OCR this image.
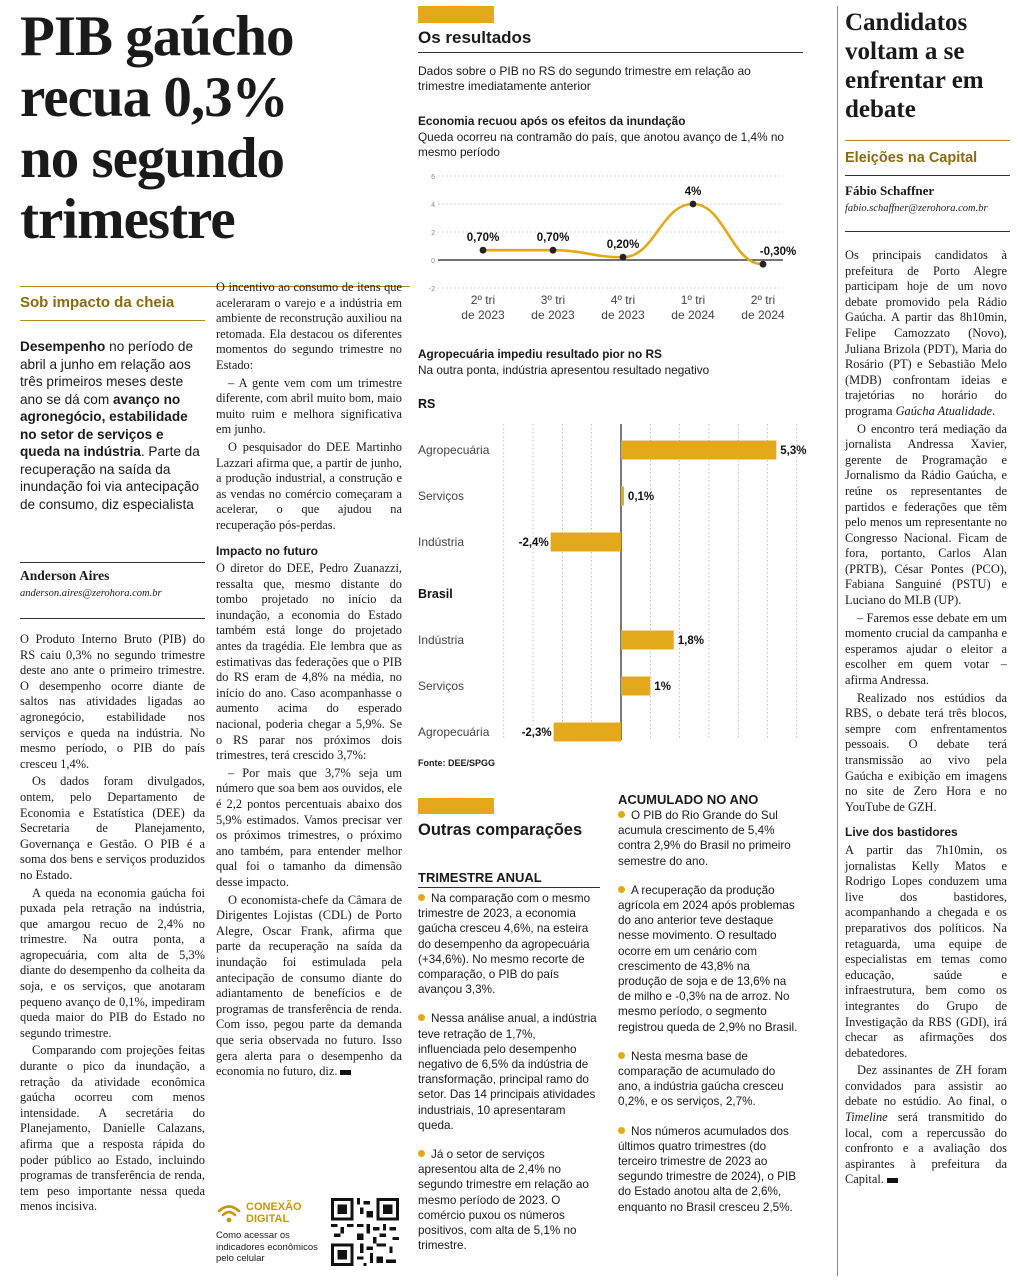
PIB gaúcho recua 0,3% no segundo trimestre
Sob impacto da cheia
Desempenho no período de abril a junho em relação aos três primeiros meses deste ano se dá com avanço no agronegócio, estabilidade no setor de serviços e queda na indústria. Parte da recuperação na saída da inundação foi via antecipação de consumo, diz especialista
Anderson Aires
anderson.aires@zerohora.com.br

O Produto Interno Bruto (PIB) do RS caiu 0,3% no segundo trimestre deste ano ante o primeiro trimestre. O desempenho ocorre diante de saltos nas atividades ligadas ao agronegócio, estabilidade nos serviços e queda na indústria. No mesmo período, o PIB do país cresceu 1,4%.

Os dados foram divulgados, ontem, pelo Departamento de Economia e Estatística (DEE) da Secretaria de Planejamento, Governança e Gestão. O PIB é a soma dos bens e serviços produzidos no Estado.

A queda na economia gaúcha foi puxada pela retração na indústria, que amargou recuo de 2,4% no trimestre. Na outra ponta, a agropecuária, com alta de 5,3% diante do desempenho da colheita da soja, e os serviços, que anotaram pequeno avanço de 0,1%, impediram queda maior do PIB do Estado no segundo trimestre.

Comparando com projeções feitas durante o pico da inundação, a retração da atividade econômica gaúcha ocorreu com menos intensidade. A secretária do Planejamento, Danielle Calazans, afirma que a resposta rápida do poder público ao Estado, incluindo programas de transferência de renda, tem peso importante nessa queda menos incisiva.

O incentivo ao consumo de itens que aceleraram o varejo e a indústria em ambiente de reconstrução auxiliou na retomada. Ela destacou os diferentes momentos do segundo trimestre no Estado:

– A gente vem com um trimestre diferente, com abril muito bom, maio muito ruim e melhora significativa em junho.

O pesquisador do DEE Martinho Lazzari afirma que, a partir de junho, a produção industrial, a construção e as vendas no comércio começaram a acelerar, o que ajudou na recuperação pós-perdas.

Impacto no futuro

O diretor do DEE, Pedro Zuanazzi, ressalta que, mesmo distante do tombo projetado no início da inundação, a economia do Estado também está longe do projetado antes da tragédia. Ele lembra que as estimativas das federações que o PIB do RS eram de 4,8% na média, no início do ano. Caso acompanhasse o aumento acima do esperado nacional, poderia chegar a 5,9%. Se o RS parar nos próximos dois trimestres, terá crescido 3,7%:

– Por mais que 3,7% seja um número que soa bem aos ouvidos, ele é 2,2 pontos percentuais abaixo dos 5,9% estimados. Vamos precisar ver os próximos trimestres, o próximo ano também, para entender melhor qual foi o tamanho da dimensão desse impacto.

O economista-chefe da Câmara de Dirigentes Lojistas (CDL) de Porto Alegre, Oscar Frank, afirma que parte da recuperação na saída da inundação foi estimulada pela antecipação de consumo diante do adiantamento de benefícios e de programas de transferência de renda. Com isso, pegou parte da demanda que seria observada no futuro. Isso gera alerta para o desempenho da economia no futuro, diz.

CONEXÃO
DIGITAL
Como acessar os indicadores econômicos pelo celular
Os resultados
Dados sobre o PIB no RS do segundo trimestre em relação ao trimestre imediatamente anterior
Economia recuou após os efeitos da inundação
Queda ocorreu na contramão do país, que anotou avanço de 1,4% no mesmo período
-2
0
2
4
6
0,70%
2º tri
de 2023
0,70%
3º tri
de 2023
0,20%
4º tri
de 2023
4%
1º tri
de 2024
-0,30%
2º tri
de 2024
Agropecuária impediu resultado pior no RS
Na outra ponta, indústria apresentou resultado negativo
RS
Agropecuária	5,3%
Serviços	0,1%
Indústria	-2,4%
Brasil
Indústria	1,8%
Serviços	1%
Agropecuária	-2,3%
Fonte: DEE/SPGG
Outras comparações
TRIMESTRE ANUAL
Na comparação com o mesmo trimestre de 2023, a economia gaúcha cresceu 4,6%, na esteira do desempenho da agropecuária (+34,6%). No mesmo recorte de comparação, o PIB do país avançou 3,3%.
Nessa análise anual, a indústria teve retração de 1,7%, influenciada pelo desempenho negativo de 6,5% da indústria de transformação, principal ramo do setor. Das 14 principais atividades industriais, 10 apresentaram queda.
Já o setor de serviços apresentou alta de 2,4% no segundo trimestre em relação ao mesmo período de 2023. O comércio puxou os números positivos, com alta de 5,1% no trimestre.
ACUMULADO NO ANO
O PIB do Rio Grande do Sul acumula crescimento de 5,4% contra 2,9% do Brasil no primeiro semestre do ano.
A recuperação da produção agrícola em 2024 após problemas do ano anterior teve destaque nesse movimento. O resultado ocorre em um cenário com crescimento de 43,8% na produção de soja e de 13,6% na de milho e -0,3% na de arroz. No mesmo período, o segmento registrou queda de 2,9% no Brasil.
Nesta mesma base de comparação de acumulado do ano, a indústria gaúcha cresceu 0,2%, e os serviços, 2,7%.
Nos números acumulados dos últimos quatro trimestres (do terceiro trimestre de 2023 ao segundo trimestre de 2024), o PIB do Estado anotou alta de 2,6%, enquanto no Brasil cresceu 2,5%.
Candidatos voltam a se enfrentar em debate
Eleições na Capital
Fábio Schaffner
fabio.schaffner@zerohora.com.br

Os principais candidatos à prefeitura de Porto Alegre participam hoje de um novo debate promovido pela Rádio Gaúcha. A partir das 8h10min, Felipe Camozzato (Novo), Juliana Brizola (PDT), Maria do Rosário (PT) e Sebastião Melo (MDB) confrontam ideias e trajetórias no horário do programa Gaúcha Atualidade.

O encontro terá mediação da jornalista Andressa Xavier, gerente de Programação e Jornalismo da Rádio Gaúcha, e reúne os representantes de partidos e federações que têm pelo menos um representante no Congresso Nacional. Ficam de fora, portanto, Carlos Alan (PRTB), César Pontes (PCO), Fabiana Sanguiné (PSTU) e Luciano do MLB (UP).

– Faremos esse debate em um momento crucial da campanha e esperamos ajudar o eleitor a escolher em quem votar – afirma Andressa.

Realizado nos estúdios da RBS, o debate terá três blocos, sempre com enfrentamentos pessoais. O debate terá transmissão ao vivo pela Gaúcha e exibição em imagens no site de Zero Hora e no YouTube de GZH.

Live dos bastidores

A partir das 7h10min, os jornalistas Kelly Matos e Rodrigo Lopes conduzem uma live dos bastidores, acompanhando a chegada e os preparativos dos políticos. Na retaguarda, uma equipe de especialistas em temas como educação, saúde e infraestrutura, bem como os integrantes do Grupo de Investigação da RBS (GDI), irá checar as afirmações dos debatedores.

Dez assinantes de ZH foram convidados para assistir ao debate no estúdio. Ao final, o Timeline será transmitido do local, com a repercussão do confronto e a avaliação dos aspirantes à prefeitura da Capital.
